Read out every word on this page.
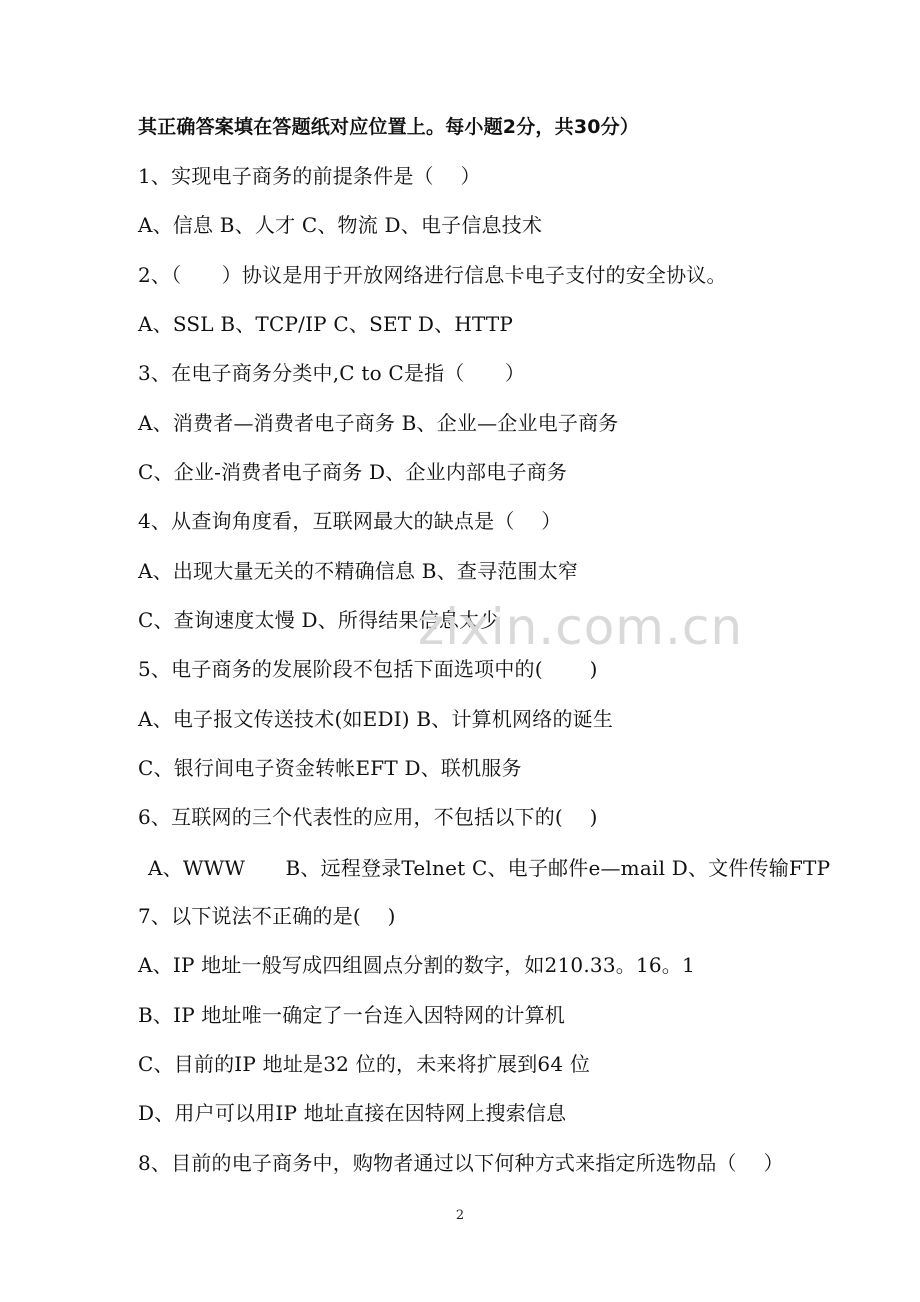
其正确答案填在答题纸对应位置上。每小题2分，共30分）
1、实现电子商务的前提条件是（　 ）
A、信息 B、人才 C、物流 D、电子信息技术
2、（　　）协议是用于开放网络进行信息卡电子支付的安全协议。
A、SSL B、TCP/IP C、SET D、HTTP
3、在电子商务分类中,C to C是指（　　）
A、消费者—消费者电子商务 B、企业—企业电子商务
C、企业-消费者电子商务 D、企业内部电子商务
4、从查询角度看，互联网最大的缺点是（　 ）
A、出现大量无关的不精确信息 B、查寻范围太窄
C、查询速度太慢 D、所得结果信息太少
5、电子商务的发展阶段不包括下面选项中的(　　 )
A、电子报文传送技术(如EDI) B、计算机网络的诞生
C、银行间电子资金转帐EFT D、联机服务
6、互联网的三个代表性的应用，不包括以下的(　 )
A、WWW　　B、远程登录Telnet C、电子邮件e—mail D、文件传输FTP
7、以下说法不正确的是(　 )
A、IP 地址一般写成四组圆点分割的数字，如210.33。16。1
B、IP 地址唯一确定了一台连入因特网的计算机
C、目前的IP 地址是32 位的，未来将扩展到64 位
D、用户可以用IP 地址直接在因特网上搜索信息
8、目前的电子商务中，购物者通过以下何种方式来指定所选物品（　 ）
zixin.com.cn
2
